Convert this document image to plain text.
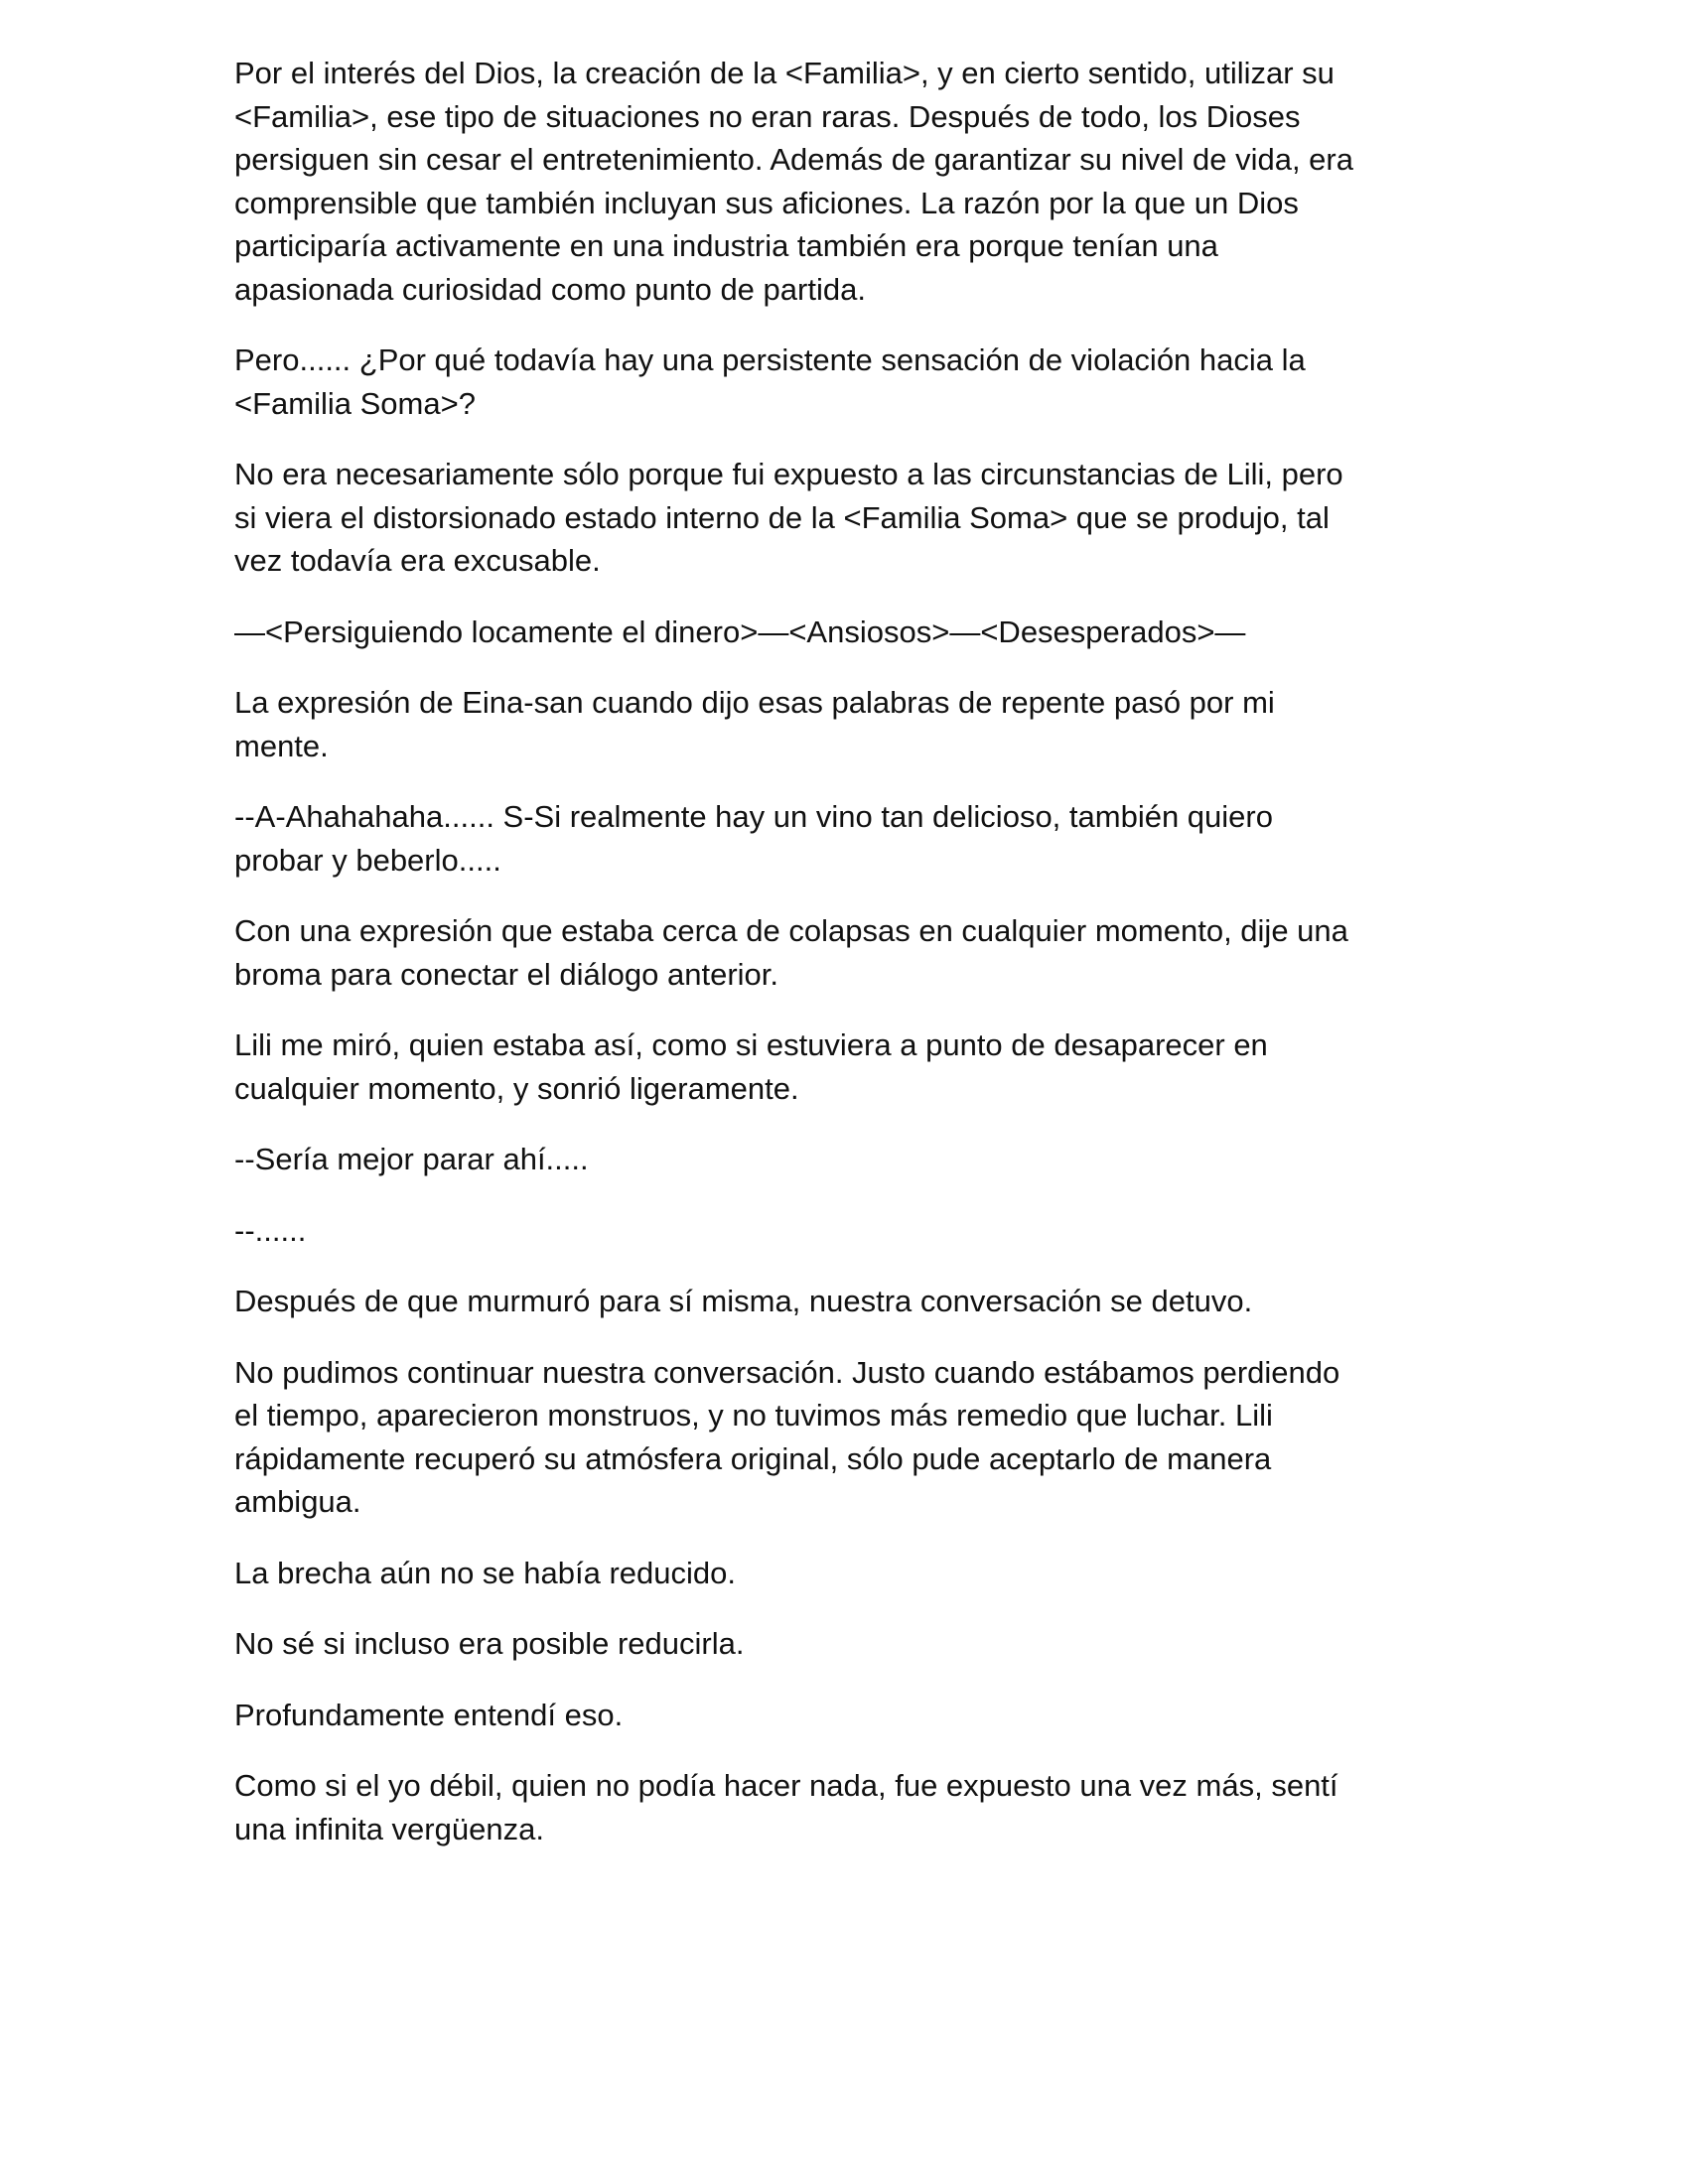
Por el interés del Dios, la creación de la <Familia>, y en cierto sentido, utilizar su
<Familia>, ese tipo de situaciones no eran raras. Después de todo, los Dioses
persiguen sin cesar el entretenimiento. Además de garantizar su nivel de vida, era
comprensible que también incluyan sus aficiones. La razón por la que un Dios
participaría activamente en una industria también era porque tenían una
apasionada curiosidad como punto de partida.

Pero...... ¿Por qué todavía hay una persistente sensación de violación hacia la
<Familia Soma>?

No era necesariamente sólo porque fui expuesto a las circunstancias de Lili, pero
si viera el distorsionado estado interno de la <Familia Soma> que se produjo, tal
vez todavía era excusable.

—<Persiguiendo locamente el dinero>—<Ansiosos>—<Desesperados>—

La expresión de Eina-san cuando dijo esas palabras de repente pasó por mi
mente.

--A-Ahahahaha...... S-Si realmente hay un vino tan delicioso, también quiero
probar y beberlo.....

Con una expresión que estaba cerca de colapsas en cualquier momento, dije una
broma para conectar el diálogo anterior.

Lili me miró, quien estaba así, como si estuviera a punto de desaparecer en
cualquier momento, y sonrió ligeramente.

--Sería mejor parar ahí.....

--......

Después de que murmuró para sí misma, nuestra conversación se detuvo.

No pudimos continuar nuestra conversación. Justo cuando estábamos perdiendo
el tiempo, aparecieron monstruos, y no tuvimos más remedio que luchar. Lili
rápidamente recuperó su atmósfera original, sólo pude aceptarlo de manera
ambigua.

La brecha aún no se había reducido.

No sé si incluso era posible reducirla.

Profundamente entendí eso.

Como si el yo débil, quien no podía hacer nada, fue expuesto una vez más, sentí
una infinita vergüenza.
